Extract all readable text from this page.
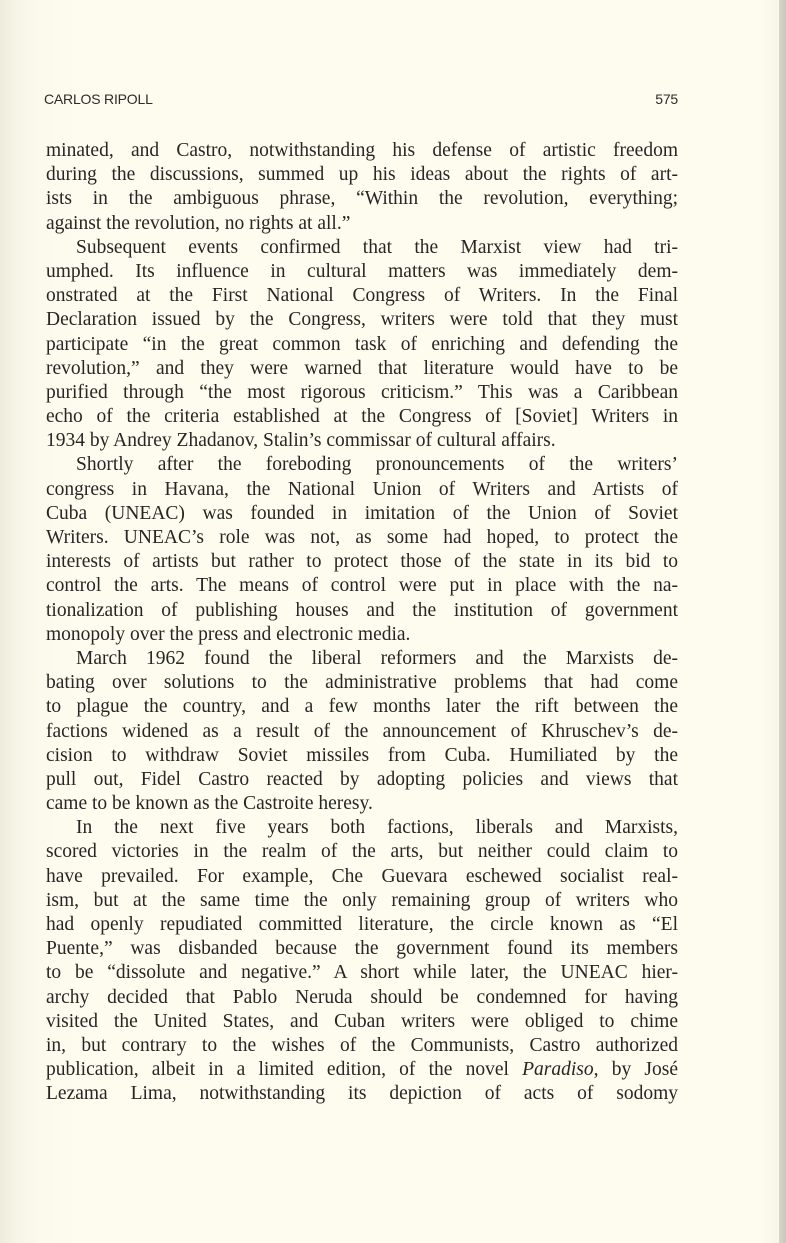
CARLOS RIPOLL	575
minated, and Castro, notwithstanding his defense of artistic freedom
during the discussions, summed up his ideas about the rights of art-
ists in the ambiguous phrase, “Within the revolution, everything;
against the revolution, no rights at all.”
Subsequent events confirmed that the Marxist view had tri-
umphed. Its influence in cultural matters was immediately dem-
onstrated at the First National Congress of Writers. In the Final
Declaration issued by the Congress, writers were told that they must
participate “in the great common task of enriching and defending the
revolution,” and they were warned that literature would have to be
purified through “the most rigorous criticism.” This was a Caribbean
echo of the criteria established at the Congress of [Soviet] Writers in
1934 by Andrey Zhadanov, Stalin’s commissar of cultural affairs.
Shortly after the foreboding pronouncements of the writers’
congress in Havana, the National Union of Writers and Artists of
Cuba (UNEAC) was founded in imitation of the Union of Soviet
Writers. UNEAC’s role was not, as some had hoped, to protect the
interests of artists but rather to protect those of the state in its bid to
control the arts. The means of control were put in place with the na-
tionalization of publishing houses and the institution of government
monopoly over the press and electronic media.
March 1962 found the liberal reformers and the Marxists de-
bating over solutions to the administrative problems that had come
to plague the country, and a few months later the rift between the
factions widened as a result of the announcement of Khruschev’s de-
cision to withdraw Soviet missiles from Cuba. Humiliated by the
pull out, Fidel Castro reacted by adopting policies and views that
came to be known as the Castroite heresy.
In the next five years both factions, liberals and Marxists,
scored victories in the realm of the arts, but neither could claim to
have prevailed. For example, Che Guevara eschewed socialist real-
ism, but at the same time the only remaining group of writers who
had openly repudiated committed literature, the circle known as “El
Puente,” was disbanded because the government found its members
to be “dissolute and negative.” A short while later, the UNEAC hier-
archy decided that Pablo Neruda should be condemned for having
visited the United States, and Cuban writers were obliged to chime
in, but contrary to the wishes of the Communists, Castro authorized
publication, albeit in a limited edition, of the novel Paradiso, by José
Lezama Lima, notwithstanding its depiction of acts of sodomy
